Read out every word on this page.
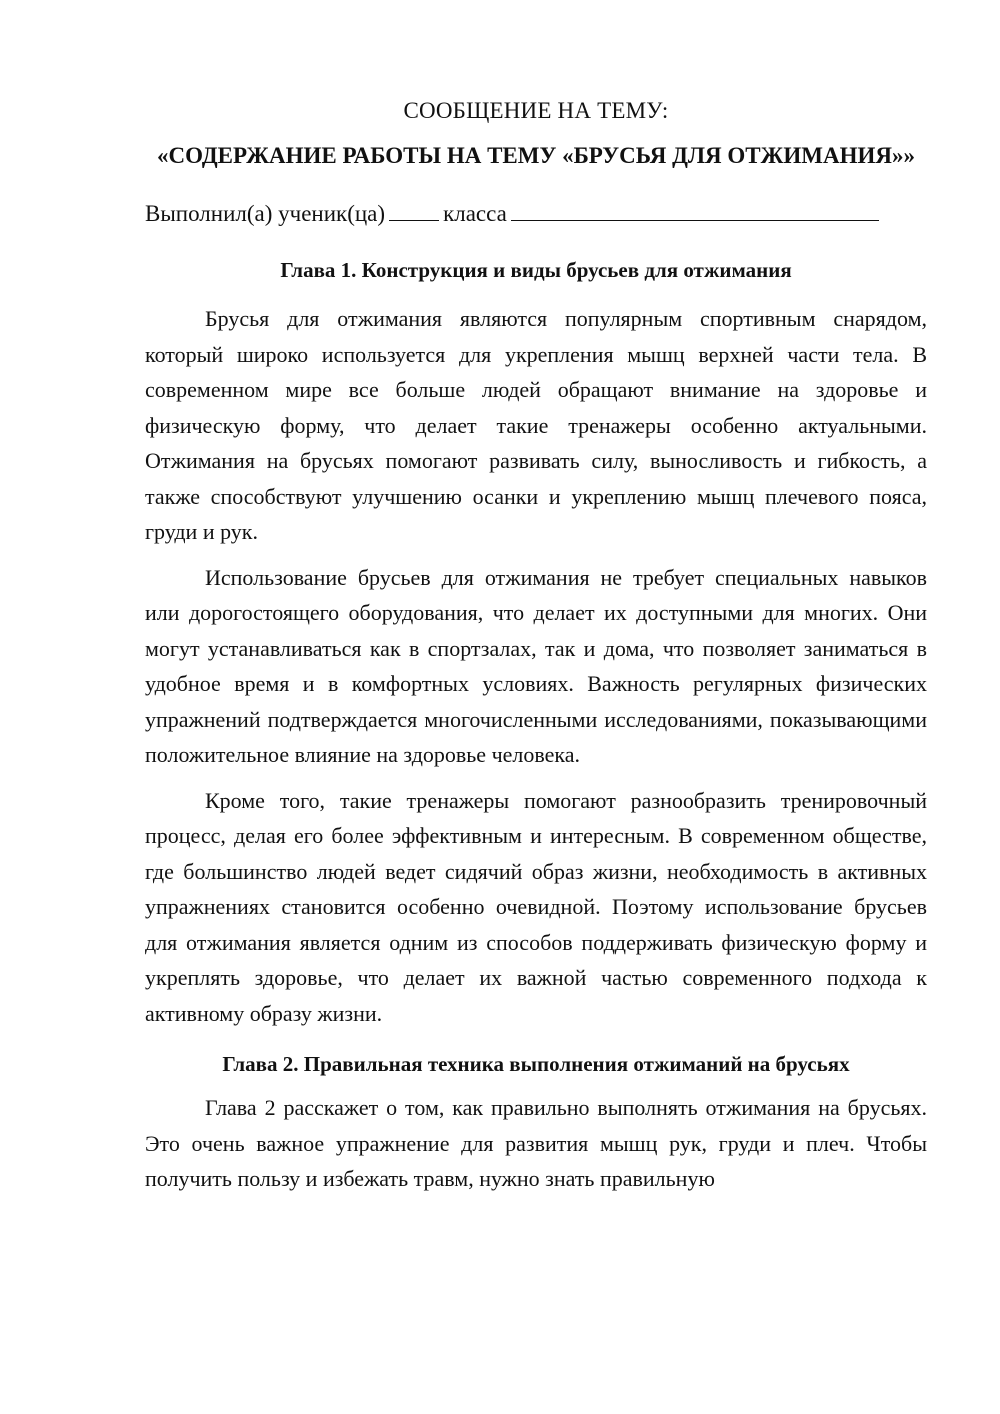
СООБЩЕНИЕ НА ТЕМУ:

«СОДЕРЖАНИЕ РАБОТЫ НА ТЕМУ «БРУСЬЯ ДЛЯ ОТЖИМАНИЯ»»

Выполнил(а) ученик(ца)	класса

Глава 1. Конструкция и виды брусьев для отжимания

Брусья для отжимания являются популярным спортивным снарядом, который широко используется для укрепления мышц верхней части тела. В современном мире все больше людей обращают внимание на здоровье и физическую форму, что делает такие тренажеры особенно актуальными. Отжимания на брусьях помогают развивать силу, выносливость и гибкость, а также способствуют улучшению осанки и укреплению мышц плечевого пояса, груди и рук.

Использование брусьев для отжимания не требует специальных навыков или дорогостоящего оборудования, что делает их доступными для многих. Они могут устанавливаться как в спортзалах, так и дома, что позволяет заниматься в удобное время и в комфортных условиях. Важность регулярных физических упражнений подтверждается многочисленными исследованиями, показывающими положительное влияние на здоровье человека.

Кроме того, такие тренажеры помогают разнообразить тренировочный процесс, делая его более эффективным и интересным. В современном обществе, где большинство людей ведет сидячий образ жизни, необходимость в активных упражнениях становится особенно очевидной. Поэтому использование брусьев для отжимания является одним из способов поддерживать физическую форму и укреплять здоровье, что делает их важной частью современного подхода к активному образу жизни.

Глава 2. Правильная техника выполнения отжиманий на брусьях

Глава 2 расскажет о том, как правильно выполнять отжимания на брусьях. Это очень важное упражнение для развития мышц рук, груди и плеч. Чтобы получить пользу и избежать травм, нужно знать правильную
